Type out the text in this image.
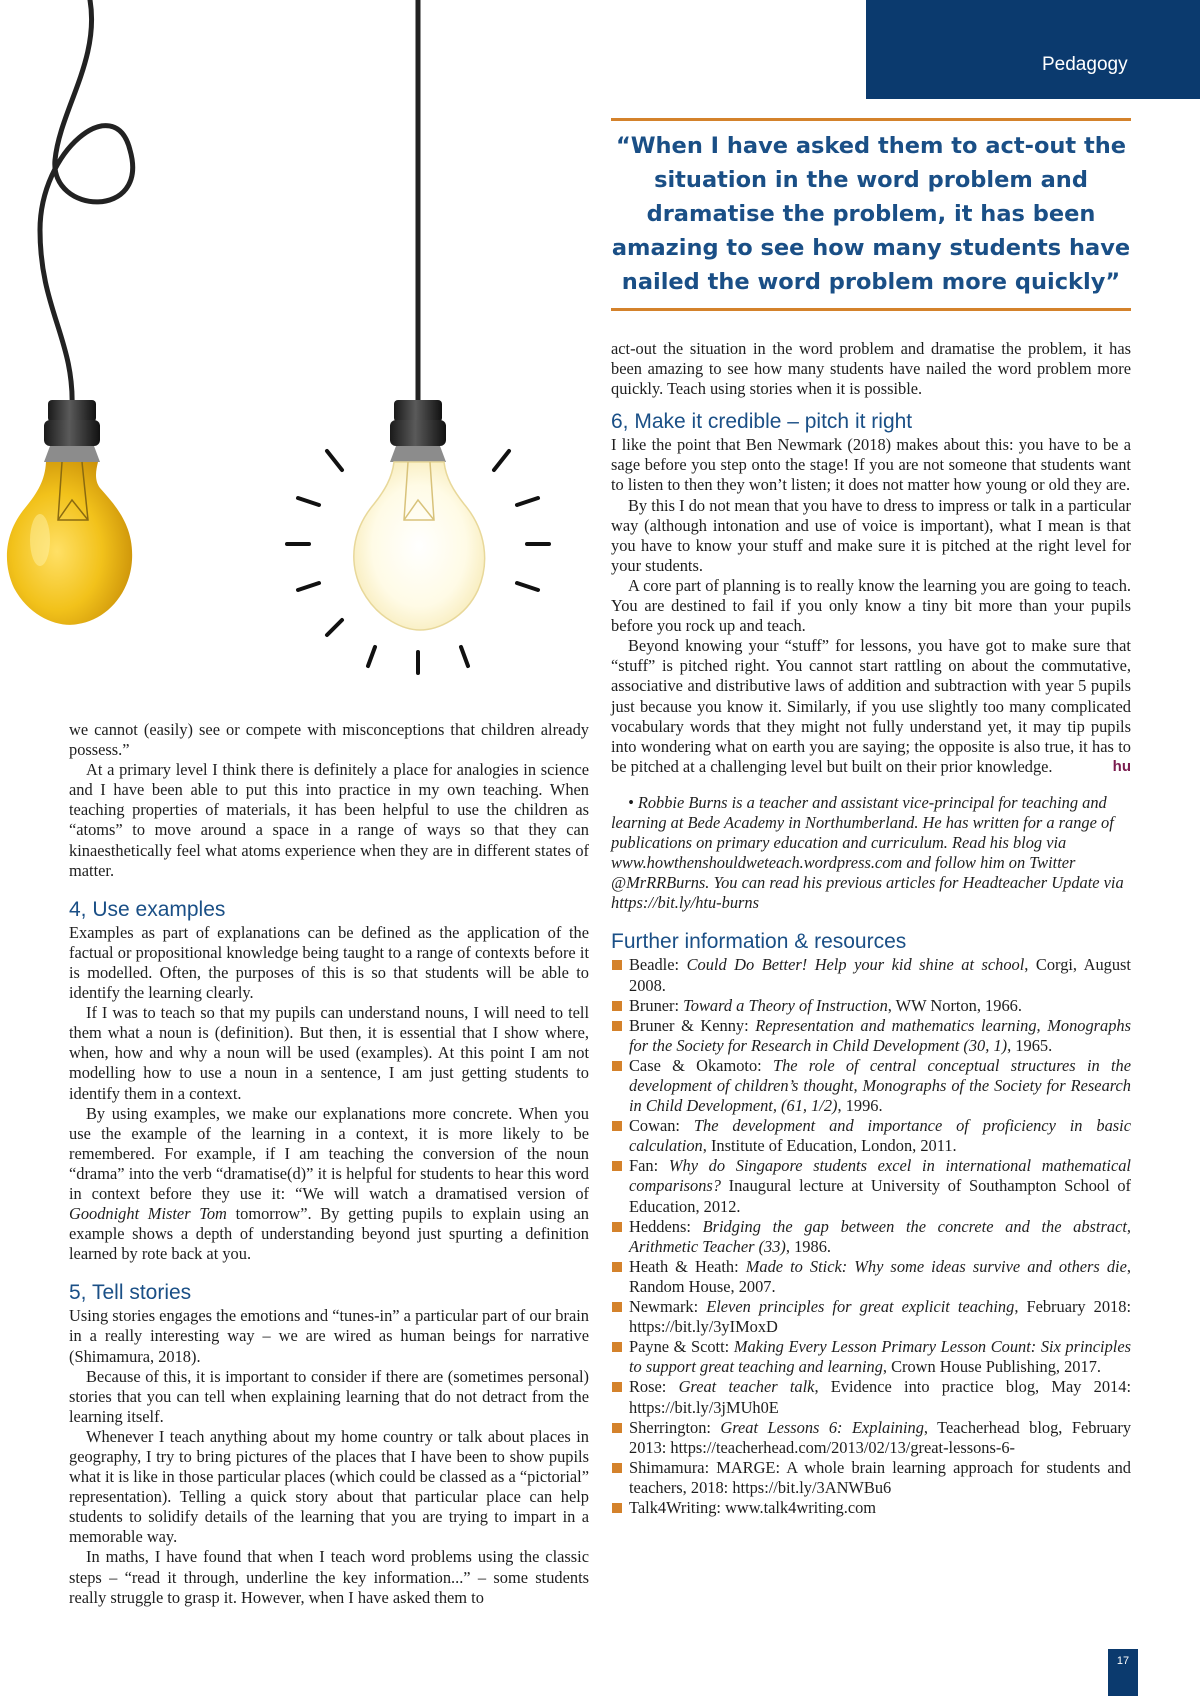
Pedagogy
“When I have asked them to act-out the situation in the word problem and dramatise the problem, it has been amazing to see how many students have nailed the word problem more quickly”

we cannot (easily) see or compete with misconceptions that children already possess.”

At a primary level I think there is definitely a place for analogies in science and I have been able to put this into practice in my own teaching. When teaching properties of materials, it has been helpful to use the children as “atoms” to move around a space in a range of ways so that they can kinaesthetically feel what atoms experience when they are in different states of matter.

4, Use examples

Examples as part of explanations can be defined as the application of the factual or propositional knowledge being taught to a range of contexts before it is modelled. Often, the purposes of this is so that students will be able to identify the learning clearly.

If I was to teach so that my pupils can understand nouns, I will need to tell them what a noun is (definition). But then, it is essential that I show where, when, how and why a noun will be used (examples). At this point I am not modelling how to use a noun in a sentence, I am just getting students to identify them in a context.

By using examples, we make our explanations more concrete. When you use the example of the learning in a context, it is more likely to be remembered. For example, if I am teaching the conversion of the noun “drama” into the verb “dramatise(d)” it is helpful for students to hear this word in context before they use it: “We will watch a dramatised version of Goodnight Mister Tom tomorrow”. By getting pupils to explain using an example shows a depth of understanding beyond just spurting a definition learned by rote back at you.

5, Tell stories

Using stories engages the emotions and “tunes-in” a particular part of our brain in a really interesting way – we are wired as human beings for narrative (Shimamura, 2018).

Because of this, it is important to consider if there are (sometimes personal) stories that you can tell when explaining learning that do not detract from the learning itself.

Whenever I teach anything about my home country or talk about places in geography, I try to bring pictures of the places that I have been to show pupils what it is like in those particular places (which could be classed as a “pictorial” representation). Telling a quick story about that particular place can help students to solidify details of the learning that you are trying to impart in a memorable way.

In maths, I have found that when I teach word problems using the classic steps – “read it through, underline the key information...” – some students really struggle to grasp it. However, when I have asked them to

act-out the situation in the word problem and dramatise the problem, it has been amazing to see how many students have nailed the word problem more quickly. Teach using stories when it is possible.

6, Make it credible – pitch it right

I like the point that Ben Newmark (2018) makes about this: you have to be a sage before you step onto the stage! If you are not someone that students want to listen to then they won’t listen; it does not matter how young or old they are.

By this I do not mean that you have to dress to impress or talk in a particular way (although intonation and use of voice is important), what I mean is that you have to know your stuff and make sure it is pitched at the right level for your students.

A core part of planning is to really know the learning you are going to teach. You are destined to fail if you only know a tiny bit more than your pupils before you rock up and teach.

Beyond knowing your “stuff” for lessons, you have got to make sure that “stuff” is pitched right. You cannot start rattling on about the commutative, associative and distributive laws of addition and subtraction with year 5 pupils just because you know it. Similarly, if you use slightly too many complicated vocabulary words that they might not fully understand yet, it may tip pupils into wondering what on earth you are saying; the opposite is also true, it has to be pitched at a challenging level but built on their prior knowledge.	hu

• Robbie Burns is a teacher and assistant vice-principal for teaching and learning at Bede Academy in Northumberland. He has written for a range of publications on primary education and curriculum. Read his blog via www.howthenshouldweteach.wordpress.com and follow him on Twitter @MrRRBurns. You can read his previous articles for Headteacher Update via https://bit.ly/htu-burns

Further information & resources
Beadle: Could Do Better! Help your kid shine at school, Corgi, August 2008.
Bruner: Toward a Theory of Instruction, WW Norton, 1966.
Bruner & Kenny: Representation and mathematics learning, Monographs for the Society for Research in Child Development (30, 1), 1965.
Case & Okamoto: The role of central conceptual structures in the development of children’s thought, Monographs of the Society for Research in Child Development, (61, 1/2), 1996.
Cowan: The development and importance of proficiency in basic calculation, Institute of Education, London, 2011.
Fan: Why do Singapore students excel in international mathematical comparisons? Inaugural lecture at University of Southampton School of Education, 2012.
Heddens: Bridging the gap between the concrete and the abstract, Arithmetic Teacher (33), 1986.
Heath & Heath: Made to Stick: Why some ideas survive and others die, Random House, 2007.
Newmark: Eleven principles for great explicit teaching, February 2018: https://bit.ly/3yIMoxD
Payne & Scott: Making Every Lesson Primary Lesson Count: Six principles to support great teaching and learning, Crown House Publishing, 2017.
Rose: Great teacher talk, Evidence into practice blog, May 2014: https://bit.ly/3jMUh0E
Sherrington: Great Lessons 6: Explaining, Teacherhead blog, February 2013: https://teacherhead.com/2013/02/13/great-lessons-6-
Shimamura: MARGE: A whole brain learning approach for students and teachers, 2018: https://bit.ly/3ANWBu6
Talk4Writing: www.talk4writing.com
17
